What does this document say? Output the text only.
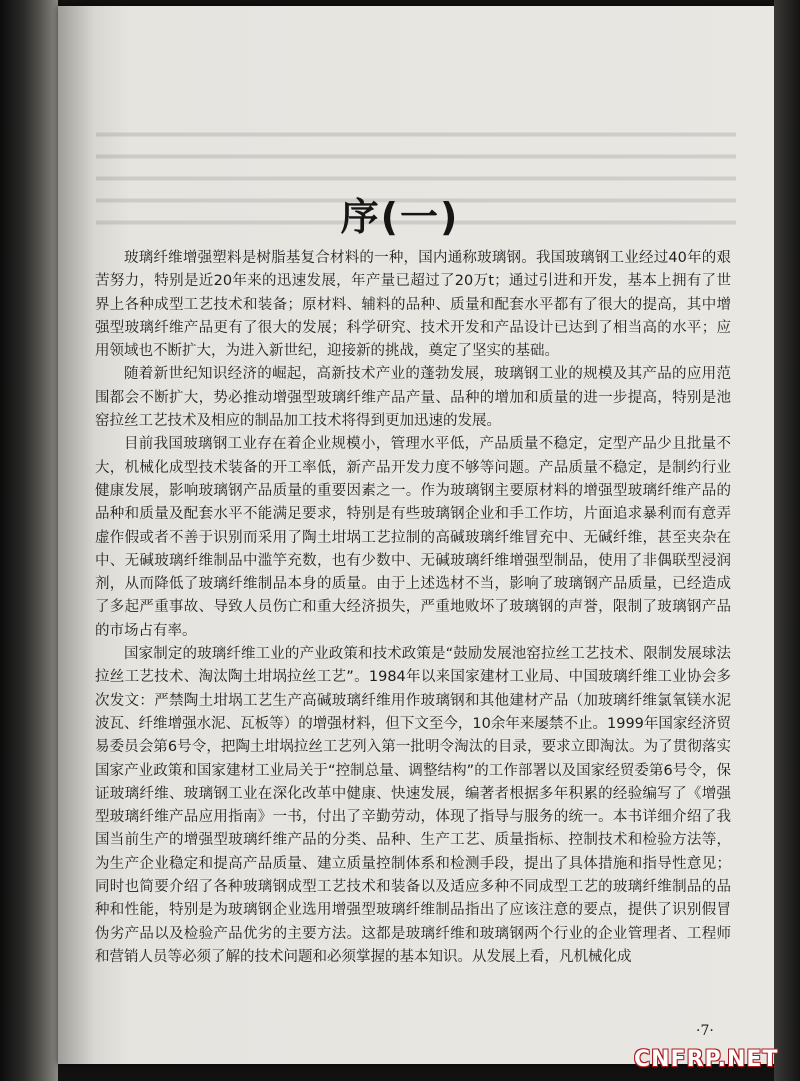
序(一)

玻璃纤维增强塑料是树脂基复合材料的一种，国内通称玻璃钢。我国玻璃钢工业经过40年的艰苦努力，特别是近20年来的迅速发展，年产量已超过了20万t；通过引进和开发，基本上拥有了世界上各种成型工艺技术和装备；原材料、辅料的品种、质量和配套水平都有了很大的提高，其中增强型玻璃纤维产品更有了很大的发展；科学研究、技术开发和产品设计已达到了相当高的水平；应用领域也不断扩大，为进入新世纪，迎接新的挑战，奠定了坚实的基础。

随着新世纪知识经济的崛起，高新技术产业的蓬勃发展，玻璃钢工业的规模及其产品的应用范围都会不断扩大，势必推动增强型玻璃纤维产品产量、品种的增加和质量的进一步提高，特别是池窑拉丝工艺技术及相应的制品加工技术将得到更加迅速的发展。

目前我国玻璃钢工业存在着企业规模小，管理水平低，产品质量不稳定，定型产品少且批量不大，机械化成型技术装备的开工率低，新产品开发力度不够等问题。产品质量不稳定，是制约行业健康发展，影响玻璃钢产品质量的重要因素之一。作为玻璃钢主要原材料的增强型玻璃纤维产品的品种和质量及配套水平不能满足要求，特别是有些玻璃钢企业和手工作坊，片面追求暴利而有意弄虚作假或者不善于识别而采用了陶土坩埚工艺拉制的高碱玻璃纤维冒充中、无碱纤维，甚至夹杂在中、无碱玻璃纤维制品中滥竽充数，也有少数中、无碱玻璃纤维增强型制品，使用了非偶联型浸润剂，从而降低了玻璃纤维制品本身的质量。由于上述选材不当，影响了玻璃钢产品质量，已经造成了多起严重事故、导致人员伤亡和重大经济损失，严重地败坏了玻璃钢的声誉，限制了玻璃钢产品的市场占有率。

国家制定的玻璃纤维工业的产业政策和技术政策是“鼓励发展池窑拉丝工艺技术、限制发展球法拉丝工艺技术、淘汰陶土坩埚拉丝工艺”。1984年以来国家建材工业局、中国玻璃纤维工业协会多次发文：严禁陶土坩埚工艺生产高碱玻璃纤维用作玻璃钢和其他建材产品（加玻璃纤维氯氧镁水泥波瓦、纤维增强水泥、瓦板等）的增强材料，但下文至今，10余年来屡禁不止。1999年国家经济贸易委员会第6号令，把陶土坩埚拉丝工艺列入第一批明令淘汰的目录，要求立即淘汰。为了贯彻落实国家产业政策和国家建材工业局关于“控制总量、调整结构”的工作部署以及国家经贸委第6号令，保证玻璃纤维、玻璃钢工业在深化改革中健康、快速发展，编著者根据多年积累的经验编写了《增强型玻璃纤维产品应用指南》一书，付出了辛勤劳动，体现了指导与服务的统一。本书详细介绍了我国当前生产的增强型玻璃纤维产品的分类、品种、生产工艺、质量指标、控制技术和检验方法等，为生产企业稳定和提高产品质量、建立质量控制体系和检测手段，提出了具体措施和指导性意见；同时也简要介绍了各种玻璃钢成型工艺技术和装备以及适应多种不同成型工艺的玻璃纤维制品的品种和性能，特别是为玻璃钢企业选用增强型玻璃纤维制品指出了应该注意的要点，提供了识别假冒伪劣产品以及检验产品优劣的主要方法。这都是玻璃纤维和玻璃钢两个行业的企业管理者、工程师和营销人员等必须了解的技术问题和必须掌握的基本知识。从发展上看，凡机械化成

·7·
CNFRP.NET
